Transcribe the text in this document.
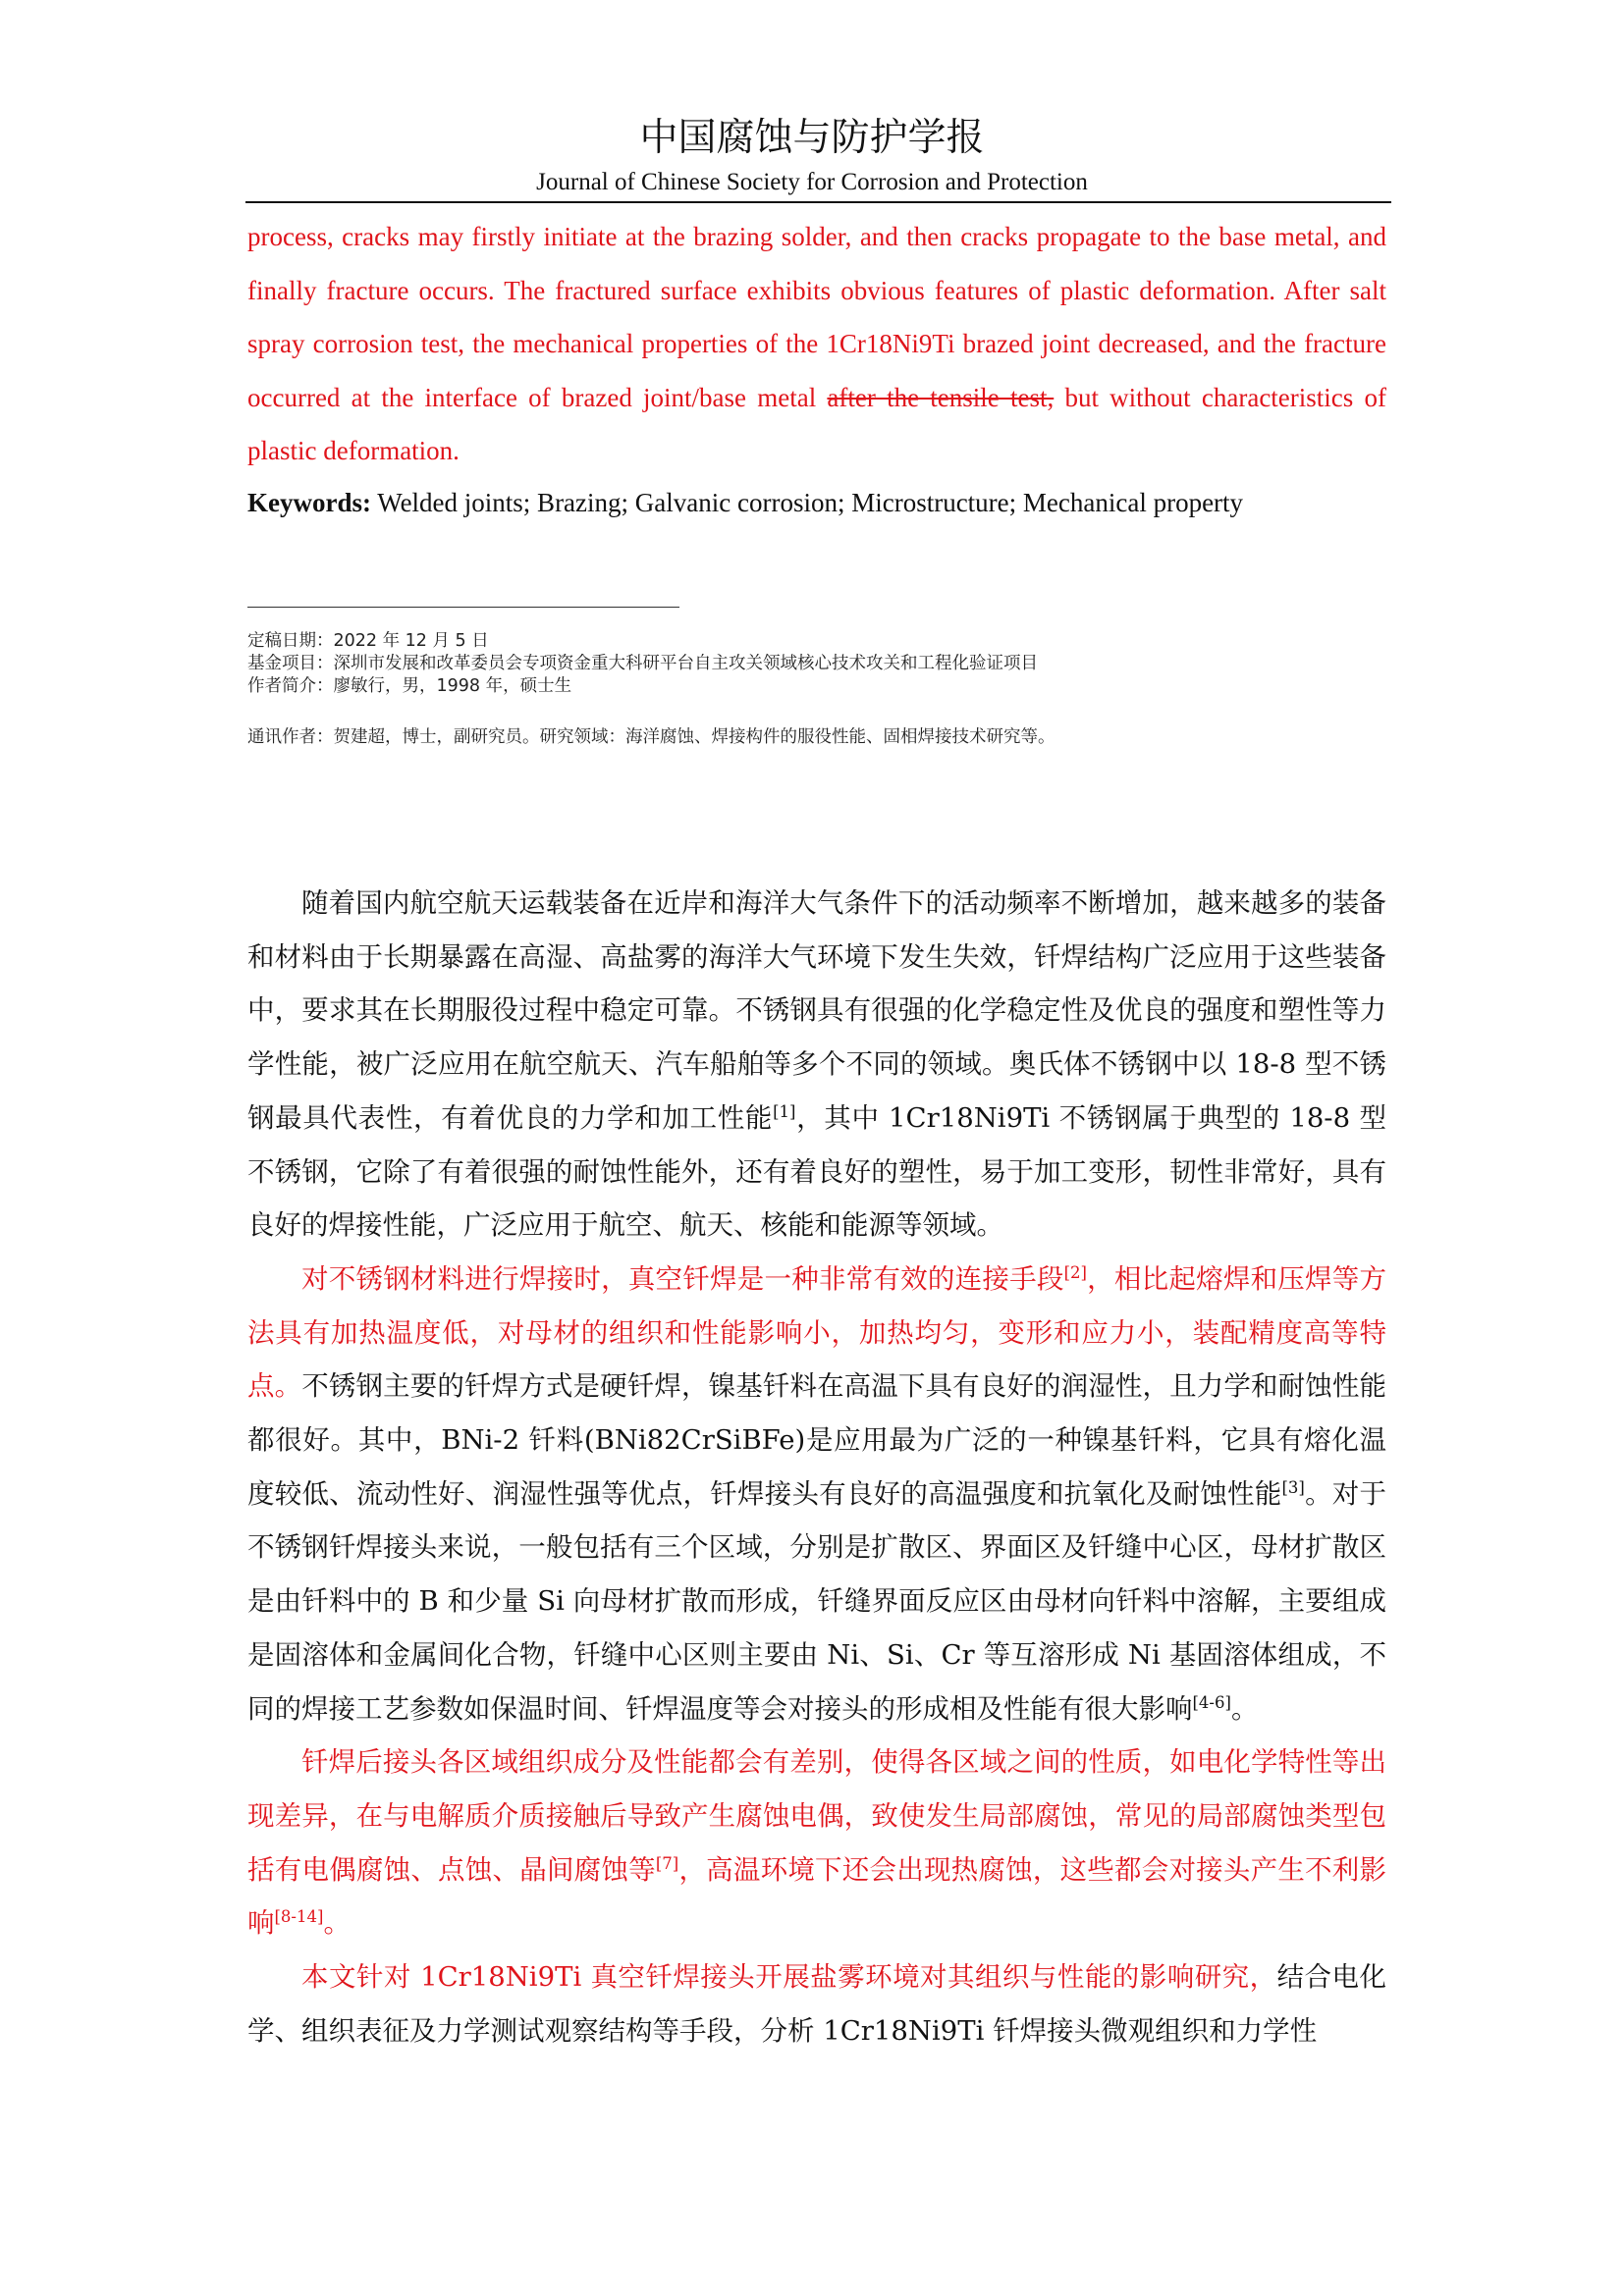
中国腐蚀与防护学报
Journal of Chinese Society for Corrosion and Protection
process, cracks may firstly initiate at the brazing solder, and then cracks propagate to the base metal, and finally fracture occurs. The fractured surface exhibits obvious features of plastic deformation. After salt spray corrosion test, the mechanical properties of the 1Cr18Ni9Ti brazed joint decreased, and the fracture occurred at the interface of brazed joint/base metal after the tensile test, but without characteristics of plastic deformation.
Keywords: Welded joints; Brazing; Galvanic corrosion; Microstructure; Mechanical property
定稿日期：2022 年 12 月 5 日
基金项目：深圳市发展和改革委员会专项资金重大科研平台自主攻关领域核心技术攻关和工程化验证项目
作者简介：廖敏行，男，1998 年，硕士生
通讯作者：贺建超，博士，副研究员。研究领域：海洋腐蚀、焊接构件的服役性能、固相焊接技术研究等。

随着国内航空航天运载装备在近岸和海洋大气条件下的活动频率不断增加，越来越多的装备和材料由于长期暴露在高湿、高盐雾的海洋大气环境下发生失效，钎焊结构广泛应用于这些装备中，要求其在长期服役过程中稳定可靠。不锈钢具有很强的化学稳定性及优良的强度和塑性等力学性能，被广泛应用在航空航天、汽车船舶等多个不同的领域。奥氏体不锈钢中以 18-8 型不锈钢最具代表性，有着优良的力学和加工性能[1]，其中 1Cr18Ni9Ti 不锈钢属于典型的 18-8 型不锈钢，它除了有着很强的耐蚀性能外，还有着良好的塑性，易于加工变形，韧性非常好，具有良好的焊接性能，广泛应用于航空、航天、核能和能源等领域。

对不锈钢材料进行焊接时，真空钎焊是一种非常有效的连接手段[2]，相比起熔焊和压焊等方法具有加热温度低，对母材的组织和性能影响小，加热均匀，变形和应力小，装配精度高等特点。不锈钢主要的钎焊方式是硬钎焊，镍基钎料在高温下具有良好的润湿性，且力学和耐蚀性能都很好。其中，BNi-2 钎料(BNi82CrSiBFe)是应用最为广泛的一种镍基钎料，它具有熔化温度较低、流动性好、润湿性强等优点，钎焊接头有良好的高温强度和抗氧化及耐蚀性能[3]。对于不锈钢钎焊接头来说，一般包括有三个区域，分别是扩散区、界面区及钎缝中心区，母材扩散区是由钎料中的 B 和少量 Si 向母材扩散而形成，钎缝界面反应区由母材向钎料中溶解，主要组成是固溶体和金属间化合物，钎缝中心区则主要由 Ni、Si、Cr 等互溶形成 Ni 基固溶体组成，不同的焊接工艺参数如保温时间、钎焊温度等会对接头的形成相及性能有很大影响[4-6]。

钎焊后接头各区域组织成分及性能都会有差别，使得各区域之间的性质，如电化学特性等出现差异，在与电解质介质接触后导致产生腐蚀电偶，致使发生局部腐蚀，常见的局部腐蚀类型包括有电偶腐蚀、点蚀、晶间腐蚀等[7]，高温环境下还会出现热腐蚀，这些都会对接头产生不利影响[8-14]。

本文针对 1Cr18Ni9Ti 真空钎焊接头开展盐雾环境对其组织与性能的影响研究，结合电化学、组织表征及力学测试观察结构等手段，分析 1Cr18Ni9Ti 钎焊接头微观组织和力学性
